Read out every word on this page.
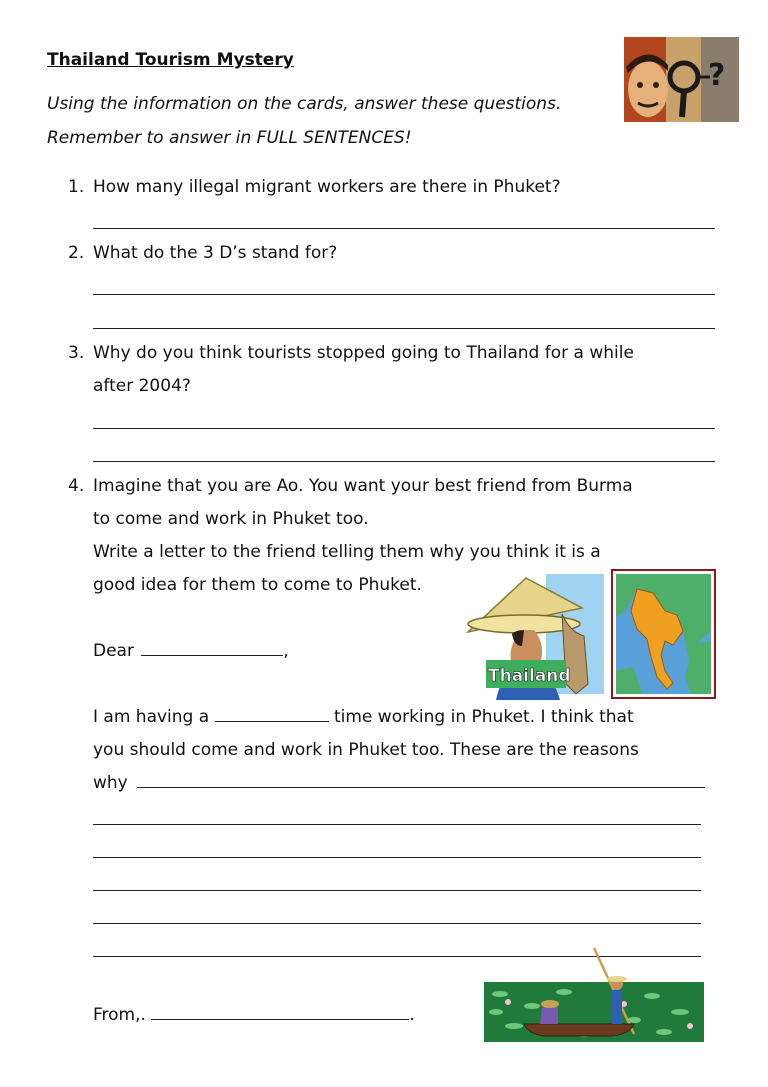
Thailand Tourism Mystery
Using the information on the cards, answer these questions.
Remember to answer in FULL SENTENCES!
?
1. How many illegal migrant workers are there in Phuket?
2. What do the 3 D’s stand for?
3. Why do you think tourists stopped going to Thailand for a while
after 2004?
4. Imagine that you are Ao. You want your best friend from Burma
to come and work in Phuket too.
Write a letter to the friend telling them why you think it is a
good idea for them to come to Phuket.
Thailand
Dear	,
I am having a	time working in Phuket. I think that
you should come and work in Phuket too. These are the reasons
why
From,.	.
